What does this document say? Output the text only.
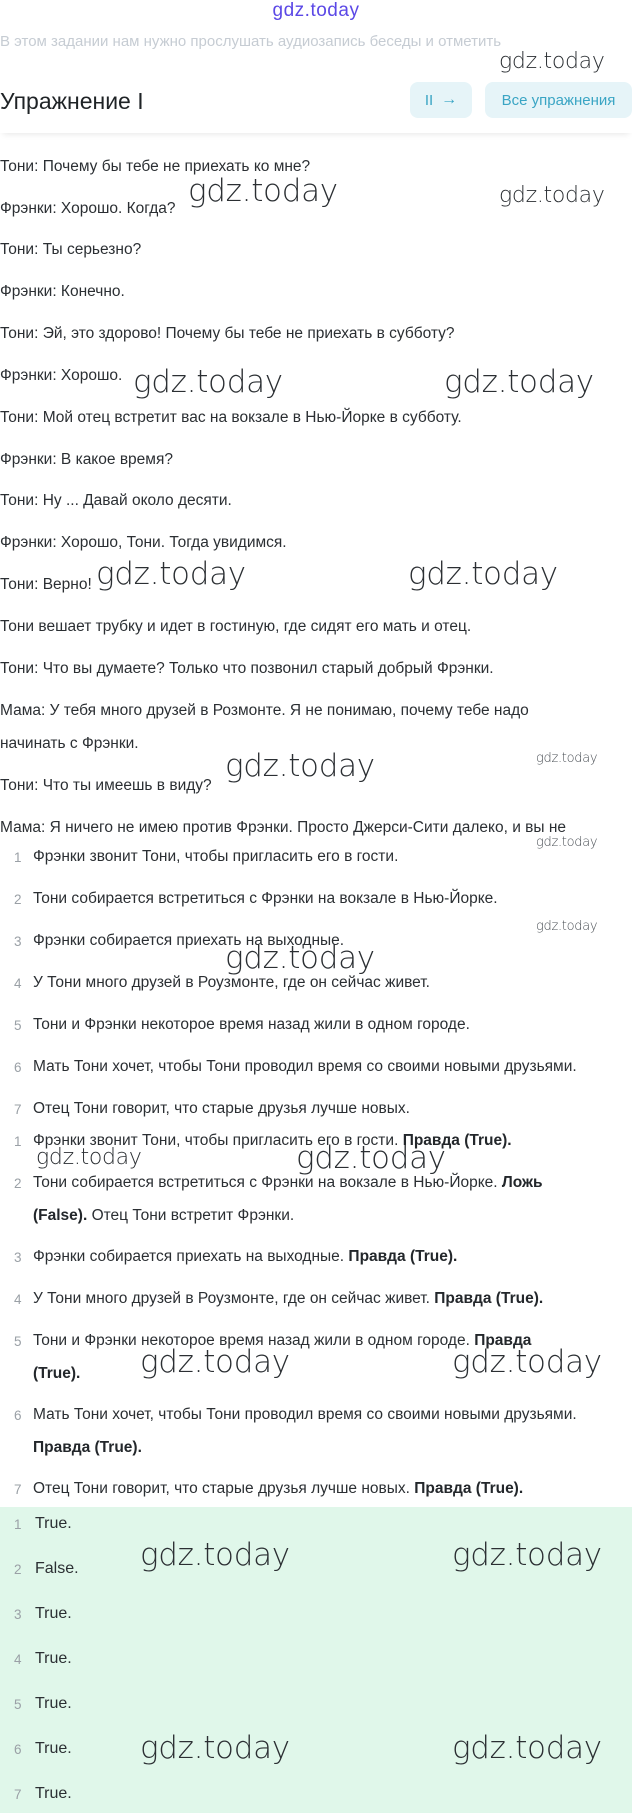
gdz.today
В этом задании нам нужно прослушать аудиозапись беседы и отметить
gdz.today
Упражнение I	II →	Все упражнения
Тони: Почему бы тебе не приехать ко мне?
Фрэнки: Хорошо. Когда?
Тони: Ты серьезно?
Фрэнки: Конечно.
Тони: Эй, это здорово! Почему бы тебе не приехать в субботу?
Фрэнки: Хорошо.
Тони: Мой отец встретит вас на вокзале в Нью-Йорке в субботу.
Фрэнки: В какое время?
Тони: Ну ... Давай около десяти.
Фрэнки: Хорошо, Тони. Тогда увидимся.
Тони: Верно!
Тони вешает трубку и идет в гостиную, где сидят его мать и отец.
Тони: Что вы думаете? Только что позвонил старый добрый Фрэнки.
Мама: У тебя много друзей в Розмонте. Я не понимаю, почему тебе надо
начинать с Фрэнки.
Тони: Что ты имеешь в виду?
Мама: Я ничего не имею против Фрэнки. Просто Джерси-Сити далеко, и вы не
1 Фрэнки звонит Тони, чтобы пригласить его в гости.
2 Тони собирается встретиться с Фрэнки на вокзале в Нью-Йорке.
3 Фрэнки собирается приехать на выходные.
4 У Тони много друзей в Роузмонте, где он сейчас живет.
5 Тони и Фрэнки некоторое время назад жили в одном городе.
6 Мать Тони хочет, чтобы Тони проводил время со своими новыми друзьями.
7 Отец Тони говорит, что старые друзья лучше новых.
1 Фрэнки звонит Тони, чтобы пригласить его в гости. Правда (True).
2 Тони собирается встретиться с Фрэнки на вокзале в Нью-Йорке. Ложь
(False). Отец Тони встретит Фрэнки.
3 Фрэнки собирается приехать на выходные. Правда (True).
4 У Тони много друзей в Роузмонте, где он сейчас живет. Правда (True).
5 Тони и Фрэнки некоторое время назад жили в одном городе. Правда
(True).
6 Мать Тони хочет, чтобы Тони проводил время со своими новыми друзьями.
Правда (True).
7 Отец Тони говорит, что старые друзья лучше новых. Правда (True).
1 True.
2 False.
3 True.
4 True.
5 True.
6 True.
7 True.
gdz.today	gdz.today
gdz.today	gdz.today
gdz.today	gdz.today
gdz.today	gdz.today
gdz.today
gdz.today
gdz.today
gdz.today	gdz.today
gdz.today	gdz.today
gdz.today	gdz.today
gdz.today	gdz.today
